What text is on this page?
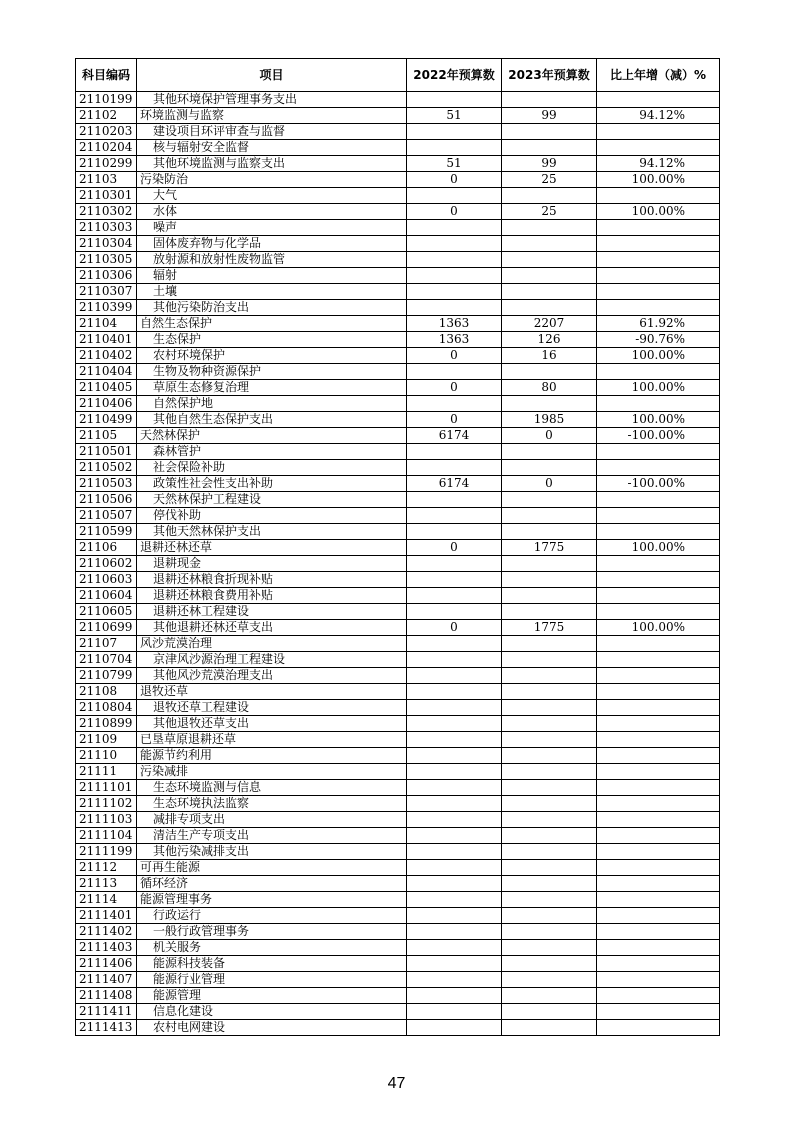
科目编码	项目	2022年预算数	2023年预算数	比上年增（减）%
2110199	其他环境保护管理事务支出			
21102	环境监测与监察	51	99	94.12%
2110203	建设项目环评审查与监督			
2110204	核与辐射安全监督			
2110299	其他环境监测与监察支出	51	99	94.12%
21103	污染防治	0	25	100.00%
2110301	大气			
2110302	水体	0	25	100.00%
2110303	噪声			
2110304	固体废弃物与化学品			
2110305	放射源和放射性废物监管			
2110306	辐射			
2110307	土壤			
2110399	其他污染防治支出			
21104	自然生态保护	1363	2207	61.92%
2110401	生态保护	1363	126	-90.76%
2110402	农村环境保护	0	16	100.00%
2110404	生物及物种资源保护			
2110405	草原生态修复治理	0	80	100.00%
2110406	自然保护地			
2110499	其他自然生态保护支出	0	1985	100.00%
21105	天然林保护	6174	0	-100.00%
2110501	森林管护			
2110502	社会保险补助			
2110503	政策性社会性支出补助	6174	0	-100.00%
2110506	天然林保护工程建设			
2110507	停伐补助			
2110599	其他天然林保护支出			
21106	退耕还林还草	0	1775	100.00%
2110602	退耕现金			
2110603	退耕还林粮食折现补贴			
2110604	退耕还林粮食费用补贴			
2110605	退耕还林工程建设			
2110699	其他退耕还林还草支出	0	1775	100.00%
21107	风沙荒漠治理			
2110704	京津风沙源治理工程建设			
2110799	其他风沙荒漠治理支出			
21108	退牧还草			
2110804	退牧还草工程建设			
2110899	其他退牧还草支出			
21109	已垦草原退耕还草			
21110	能源节约利用			
21111	污染减排			
2111101	生态环境监测与信息			
2111102	生态环境执法监察			
2111103	减排专项支出			
2111104	清洁生产专项支出			
2111199	其他污染减排支出			
21112	可再生能源			
21113	循环经济			
21114	能源管理事务			
2111401	行政运行			
2111402	一般行政管理事务			
2111403	机关服务			
2111406	能源科技装备			
2111407	能源行业管理			
2111408	能源管理			
2111411	信息化建设			
2111413	农村电网建设			
47
